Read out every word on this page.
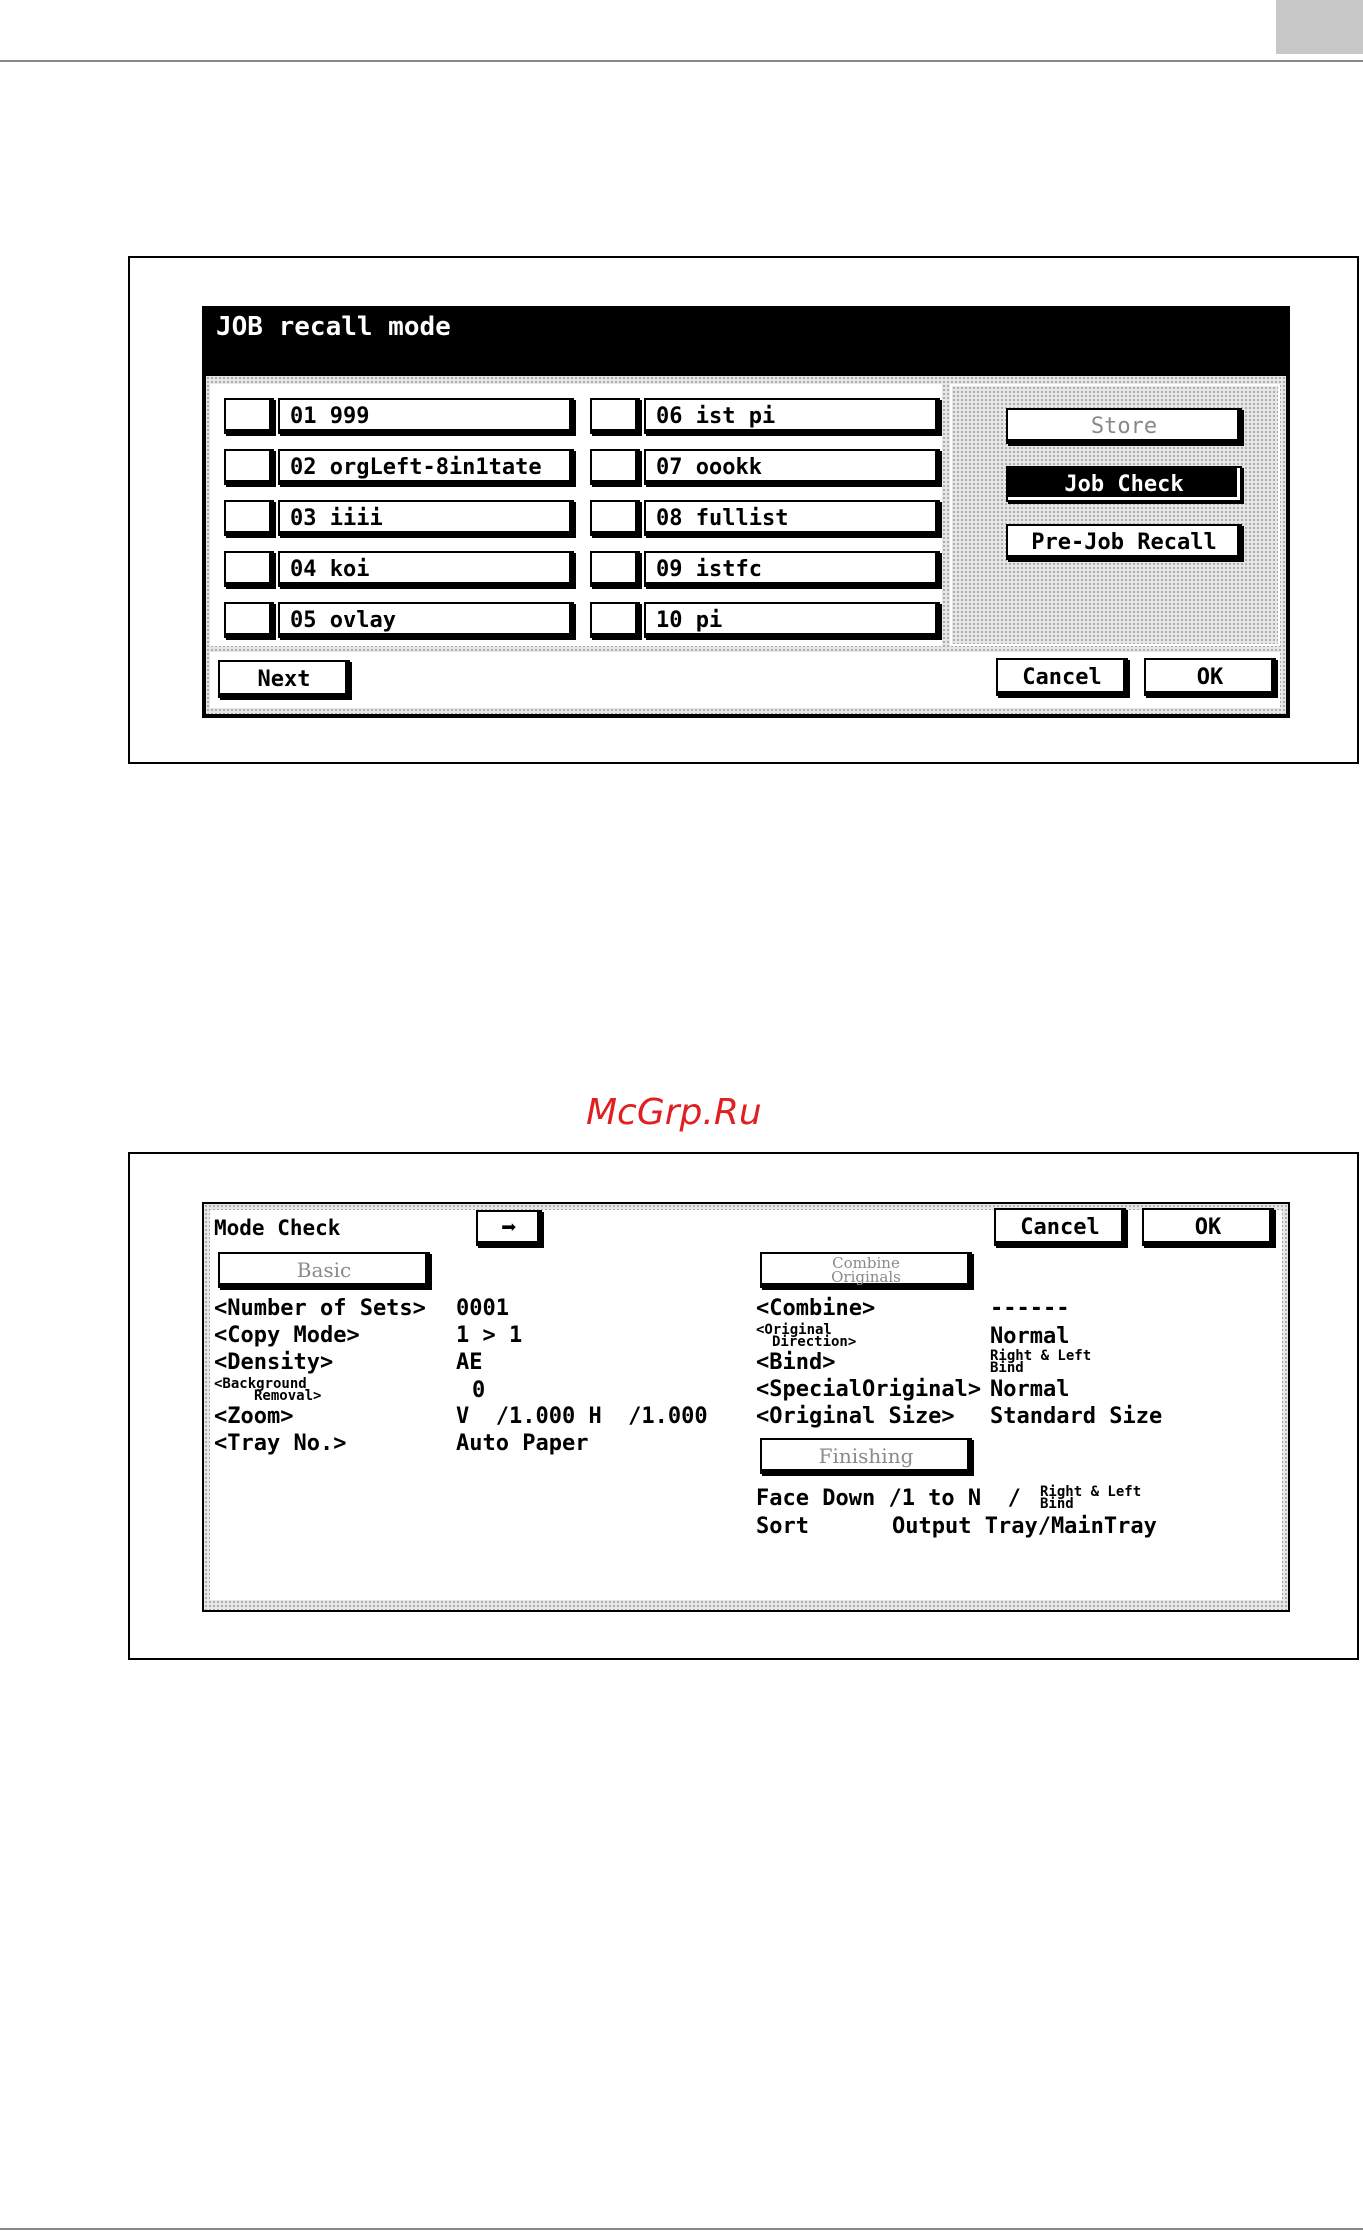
JOB recall mode
01 999
02 orgLeft-8in1tate
03 iiii
04 koi
05 ovlay
06 ist pi
07 oookk
08 fullist
09 istfc
10 pi
Store
Job Check
Pre-Job Recall
Next	Cancel	OK
McGrp.Ru
Mode Check	➡	Cancel	OK
Basic
<Number of Sets> 0001
<Copy Mode>	1 > 1
<Density>	AE
<Background
Removal>	0
<Zoom>	V  /1.000 H  /1.000
<Tray No.>	Auto Paper
Combine
Originals
<Combine>	------
<Original
Direction>	Normal
<Bind>	Right & Left
Bind
<SpecialOriginal> Normal
<Original Size> Standard Size
Finishing
Face Down /1 to N  / Right & Left
Bind
Sort	Output Tray/MainTray
